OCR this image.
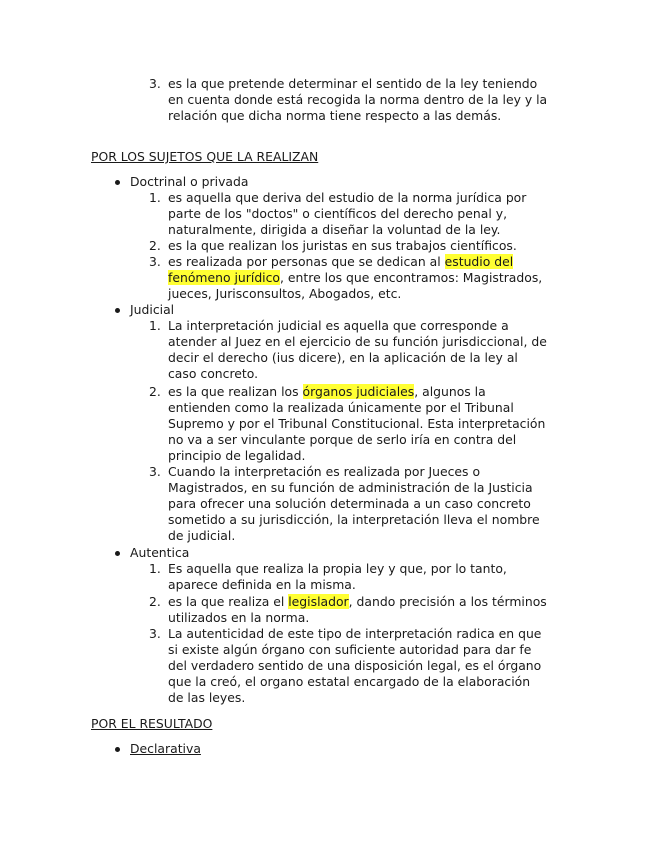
3. es la que pretende determinar el sentido de la ley teniendo
en cuenta donde está recogida la norma dentro de la ley y la
relación que dicha norma tiene respecto a las demás.
POR LOS SUJETOS QUE LA REALIZAN
Doctrinal o privada
1. es aquella que deriva del estudio de la norma jurídica por
parte de los "doctos" o científicos del derecho penal y,
naturalmente, dirigida a diseñar la voluntad de la ley.
2. es la que realizan los juristas en sus trabajos científicos.
3. es realizada por personas que se dedican al estudio del
fenómeno jurídico, entre los que encontramos: Magistrados,
jueces, Jurisconsultos, Abogados, etc.
Judicial
1. La interpretación judicial es aquella que corresponde a
atender al Juez en el ejercicio de su función jurisdiccional, de
decir el derecho (ius dicere), en la aplicación de la ley al
caso concreto.
2. es la que realizan los órganos judiciales, algunos la
entienden como la realizada únicamente por el Tribunal
Supremo y por el Tribunal Constitucional. Esta interpretación
no va a ser vinculante porque de serlo iría en contra del
principio de legalidad.
3. Cuando la interpretación es realizada por Jueces o
Magistrados, en su función de administración de la Justicia
para ofrecer una solución determinada a un caso concreto
sometido a su jurisdicción, la interpretación lleva el nombre
de judicial.
Autentica
1. Es aquella que realiza la propia ley y que, por lo tanto,
aparece definida en la misma.
2. es la que realiza el legislador, dando precisión a los términos
utilizados en la norma.
3. La autenticidad de este tipo de interpretación radica en que
si existe algún órgano con suficiente autoridad para dar fe
del verdadero sentido de una disposición legal, es el órgano
que la creó, el organo estatal encargado de la elaboración
de las leyes.
POR EL RESULTADO
Declarativa
